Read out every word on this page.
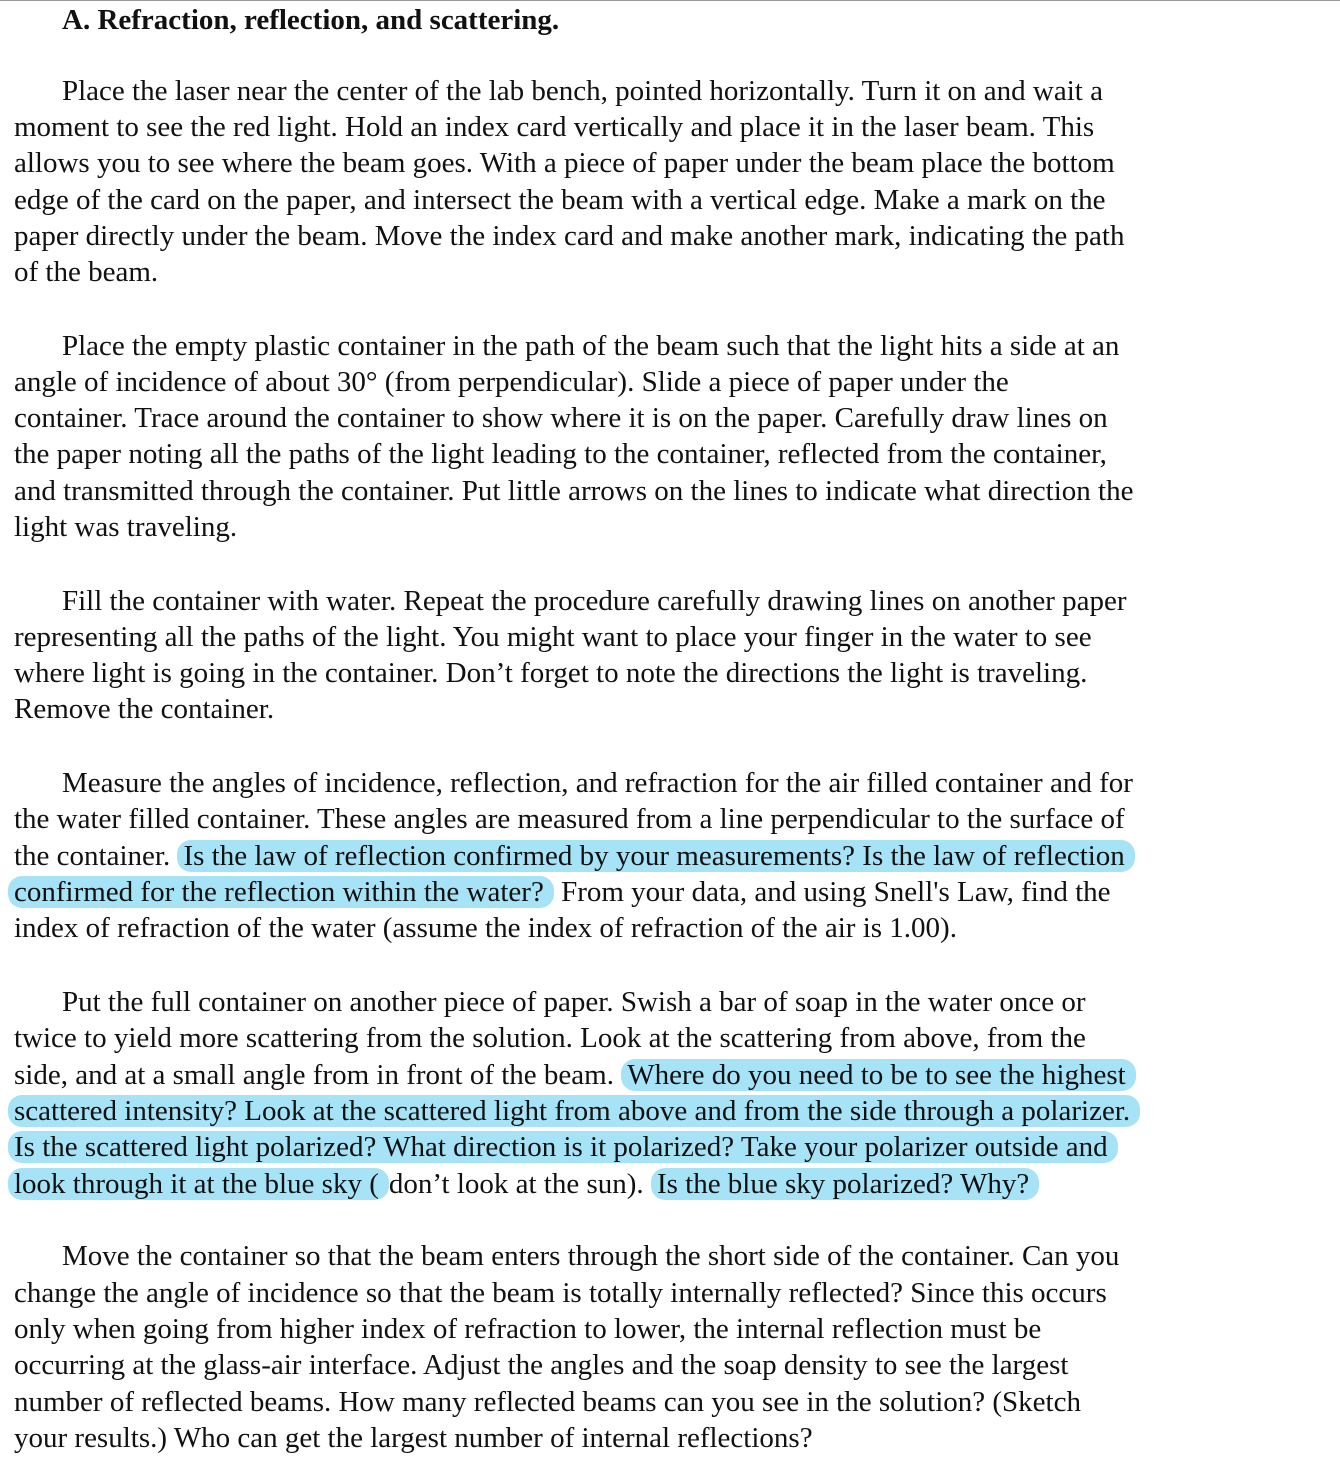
A. Refraction, reflection, and scattering.

Place the laser near the center of the lab bench, pointed horizontally. Turn it on and wait a

moment to see the red light. Hold an index card vertically and place it in the laser beam. This

allows you to see where the beam goes. With a piece of paper under the beam place the bottom

edge of the card on the paper, and intersect the beam with a vertical edge. Make a mark on the

paper directly under the beam. Move the index card and make another mark, indicating the path

of the beam.

Place the empty plastic container in the path of the beam such that the light hits a side at an

angle of incidence of about 30° (from perpendicular). Slide a piece of paper under the

container. Trace around the container to show where it is on the paper. Carefully draw lines on

the paper noting all the paths of the light leading to the container, reflected from the container,

and transmitted through the container. Put little arrows on the lines to indicate what direction the

light was traveling.

Fill the container with water. Repeat the procedure carefully drawing lines on another paper

representing all the paths of the light. You might want to place your finger in the water to see

where light is going in the container. Don’t forget to note the directions the light is traveling.

Remove the container.

Measure the angles of incidence, reflection, and refraction for the air filled container and for

the water filled container. These angles are measured from a line perpendicular to the surface of

the container. Is the law of reflection confirmed by your measurements? Is the law of reflection

confirmed for the reflection within the water? From your data, and using Snell's Law, find the

index of refraction of the water (assume the index of refraction of the air is 1.00).

Put the full container on another piece of paper. Swish a bar of soap in the water once or

twice to yield more scattering from the solution. Look at the scattering from above, from the

side, and at a small angle from in front of the beam. Where do you need to be to see the highest

scattered intensity? Look at the scattered light from above and from the side through a polarizer.

Is the scattered light polarized? What direction is it polarized? Take your polarizer outside and

look through it at the blue sky ( don’t look at the sun). Is the blue sky polarized? Why?

Move the container so that the beam enters through the short side of the container. Can you

change the angle of incidence so that the beam is totally internally reflected? Since this occurs

only when going from higher index of refraction to lower, the internal reflection must be

occurring at the glass-air interface. Adjust the angles and the soap density to see the largest

number of reflected beams. How many reflected beams can you see in the solution? (Sketch

your results.) Who can get the largest number of internal reflections?
